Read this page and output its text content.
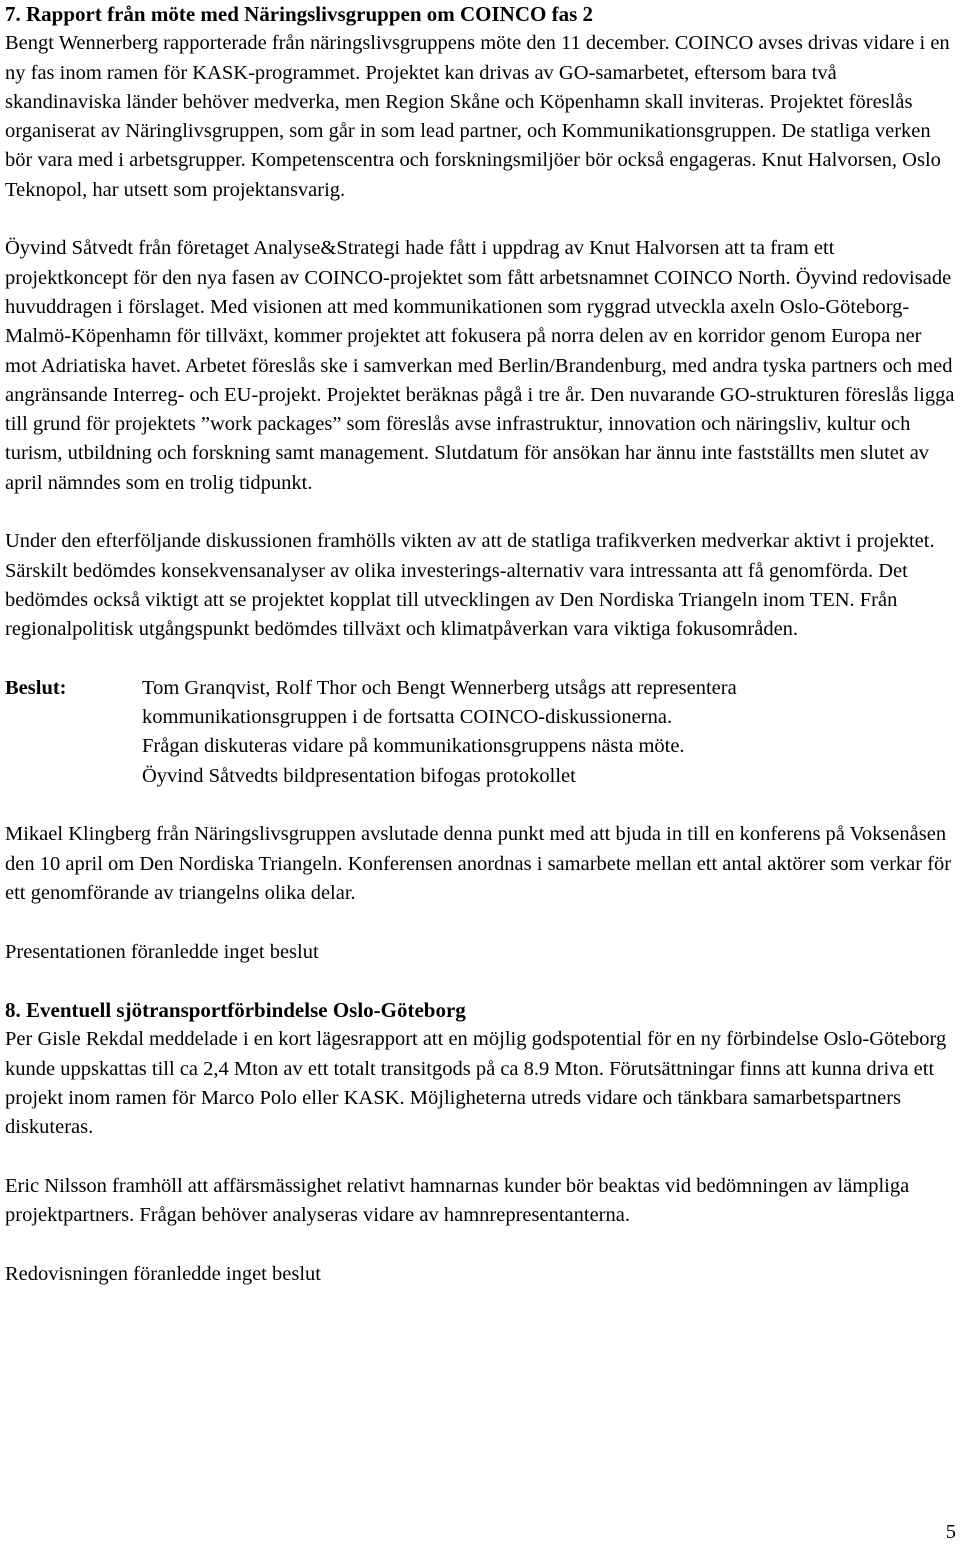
7. Rapport från möte med Näringslivsgruppen om COINCO fas 2

Bengt Wennerberg rapporterade från näringslivsgruppens möte den 11 december. COINCO avses drivas vidare i en ny fas inom ramen för KASK-programmet. Projektet kan drivas av GO-samarbetet, eftersom bara två skandinaviska länder behöver medverka, men Region Skåne och Köpenhamn skall inviteras. Projektet föreslås organiserat av Näringlivsgruppen, som går in som lead partner, och Kommunikationsgruppen. De statliga verken bör vara med i arbetsgrupper. Kompetenscentra och forskningsmiljöer bör också engageras. Knut Halvorsen, Oslo Teknopol, har utsett som projektansvarig.

Öyvind Såtvedt från företaget Analyse&Strategi hade fått i uppdrag av Knut Halvorsen att ta fram ett projektkoncept för den nya fasen av COINCO-projektet som fått arbetsnamnet COINCO North. Öyvind redovisade huvuddragen i förslaget. Med visionen att med kommunikationen som ryggrad utveckla axeln Oslo-Göteborg-Malmö-Köpenhamn för tillväxt, kommer projektet att fokusera på norra delen av en korridor genom Europa ner mot Adriatiska havet. Arbetet föreslås ske i samverkan med Berlin/Brandenburg, med andra tyska partners och med angränsande Interreg- och EU-projekt. Projektet beräknas pågå i tre år. Den nuvarande GO-strukturen föreslås ligga till grund för projektets ”work packages” som föreslås avse infrastruktur, innovation och näringsliv, kultur och turism, utbildning och forskning samt management. Slutdatum för ansökan har ännu inte fastställts men slutet av april nämndes som en trolig tidpunkt.

Under den efterföljande diskussionen framhölls vikten av att de statliga trafikverken medverkar aktivt i projektet. Särskilt bedömdes konsekvensanalyser av olika investerings-alternativ vara intressanta att få genomförda. Det bedömdes också viktigt att se projektet kopplat till utvecklingen av Den Nordiska Triangeln inom TEN. Från regionalpolitisk utgångspunkt bedömdes tillväxt och klimatpåverkan vara viktiga fokusområden.

Beslut:	Tom Granqvist, Rolf Thor och Bengt Wennerberg utsågs att representera
kommunikationsgruppen i de fortsatta COINCO-diskussionerna.
Frågan diskuteras vidare på kommunikationsgruppens nästa möte.
Öyvind Såtvedts bildpresentation bifogas protokollet

Mikael Klingberg från Näringslivsgruppen avslutade denna punkt med att bjuda in till en konferens på Voksenåsen den 10 april om Den Nordiska Triangeln. Konferensen anordnas i samarbete mellan ett antal aktörer som verkar för ett genomförande av triangelns olika delar.

Presentationen föranledde inget beslut

8. Eventuell sjötransportförbindelse Oslo-Göteborg

Per Gisle Rekdal meddelade i en kort lägesrapport att en möjlig godspotential för en ny förbindelse Oslo-Göteborg kunde uppskattas till ca 2,4 Mton av ett totalt transitgods på ca 8.9 Mton. Förutsättningar finns att kunna driva ett projekt inom ramen för Marco Polo eller KASK. Möjligheterna utreds vidare och tänkbara samarbetspartners diskuteras.

Eric Nilsson framhöll att affärsmässighet relativt hamnarnas kunder bör beaktas vid bedömningen av lämpliga projektpartners. Frågan behöver analyseras vidare av hamnrepresentanterna.

Redovisningen föranledde inget beslut

5
